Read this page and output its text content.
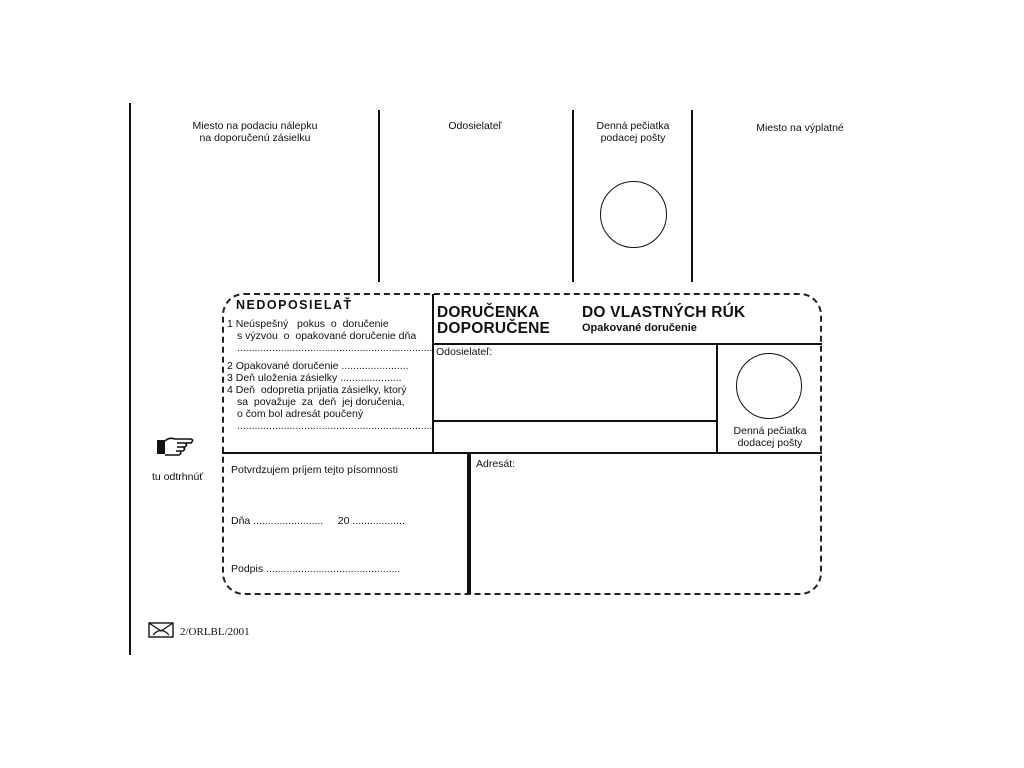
Miesto na podaciu nálepku
na doporučenú zásielku
Odosielateľ	Denná pečiatka
podacej pošty
Miesto na výplatné
tu odtrhnúť
NEDOPOSIELAŤ
1 Neúspešný   pokus  o  doručenie
s výzvou  o  opakované doručenie dňa
...................................................................
2 Opakované doručenie .......................
3 Deň uloženia zásielky .....................
4 Deň  odopretia prijatia zásielky, ktorý
sa  považuje  za  deň  jej doručenia,
o čom bol adresát poučený
...................................................................
DORUČENKA
DOPORUČENE
DO VLASTNÝCH RÚK
Opakované doručenie
Odosielateľ:
Denná pečiatka
dodacej pošty
Potvrdzujem príjem tejto písomnosti
Dňa ........................     20 ..................
Podpis ..............................................
Adresát:
2/ORLBL/2001
